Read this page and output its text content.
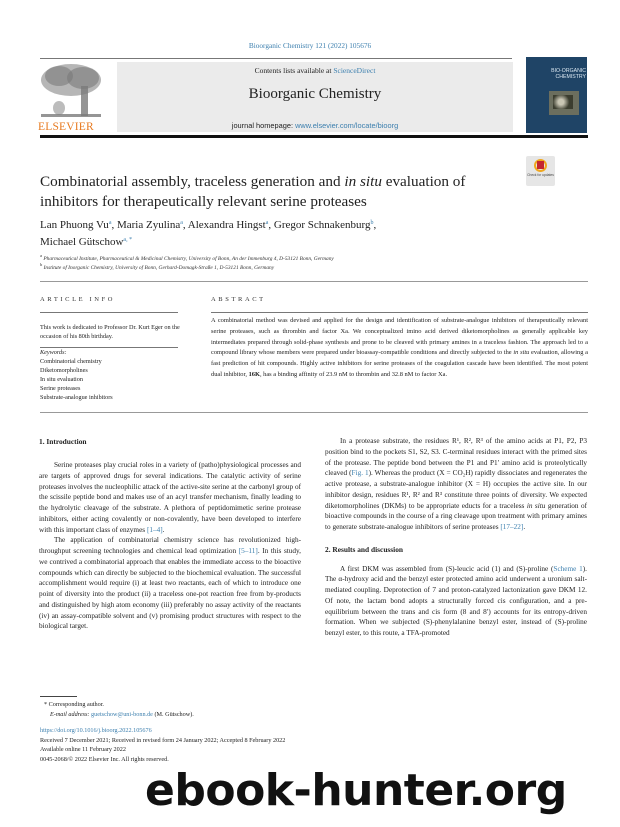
Bioorganic Chemistry 121 (2022) 105676
ELSEVIER
Contents lists available at ScienceDirect
Bioorganic Chemistry
journal homepage: www.elsevier.com/locate/bioorg
BIO-ORGANIC
CHEMISTRY
Check for updates
Combinatorial assembly, traceless generation and in situ evaluation of inhibitors for therapeutically relevant serine proteases
Lan Phuong Vu$^a$, Maria Zyulina$^a$, Alexandra Hingst$^a$, Gregor Schnakenburg$^b$,
Michael Gütschow$^{a, *}$
$^a$ Pharmaceutical Institute, Pharmaceutical & Medicinal Chemistry, University of Bonn, An der Immenburg 4, D-53121 Bonn, Germany
$^b$ Institute of Inorganic Chemistry, University of Bonn, Gerhard-Domagk-Straße 1, D-53121 Bonn, Germany
ARTICLE INFO
This work is dedicated to Professor Dr. Kurt Eger on the occasion of his 80th birthday.
Keywords:
Combinatorial chemistry
Diketomorpholines
In situ evaluation
Serine proteases
Substrate-analogue inhibitors
ABSTRACT
A combinatorial method was devised and applied for the design and identification of substrate-analogue inhibitors of therapeutically relevant serine proteases, such as thrombin and factor Xa. We conceptualized imino acid derived diketomorpholines as generally applicable key intermediates prepared through solid-phase synthesis and prone to be cleaved with primary amines in a traceless fashion. The approach led to a compound library whose members were prepared under bioassay-compatible conditions and directly subjected to the in situ evaluation, allowing a fast prediction of hit compounds. Highly active inhibitors for serine proteases of the coagulation cascade have been identified. The most potent dual inhibitor, 16K, has a binding affinity of 23.9 nM to thrombin and 32.8 nM to factor Xa.
1. Introduction

Serine proteases play crucial roles in a variety of (patho)physiological processes and are targets of approved drugs for several indications. The catalytic activity of serine proteases involves the nucleophilic attack of the active-site serine at the carbonyl group of the scissile peptide bond and makes use of an acyl transfer mechanism, finally leading to the hydrolytic cleavage of the substrate. A plethora of peptidomimetic serine protease inhibitors, either acting covalently or non-covalently, have been developed to interfere with this important class of enzymes [1–4].

The application of combinatorial chemistry science has revolutionized high-throughput screening technologies and chemical lead optimization [5–11]. In this study, we contrived a combinatorial approach that enables the immediate access to the bioactive compounds which can directly be subjected to the biochemical evaluation. The successful accomplishment would require (i) at least two reactants, each of which to introduce one point of diversity into the product (ii) a traceless one-pot reaction free from by-products and distinguished by high atom economy (iii) preferably no assay activity of the reactants (iv) an assay-compatible solvent and (v) promising product structures with respect to the biological target.

In a protease substrate, the residues R¹, R², R³ of the amino acids at P1, P2, P3 position bind to the pockets S1, S2, S3. C-terminal residues interact with the primed sites of the protease. The peptide bond between the P1 and P1′ amino acid is proteolytically cleaved (Fig. 1). Whereas the product (X = CO₂H) rapidly dissociates and regenerates the active protease, a substrate-analogue inhibitor (X = H) occupies the active site. In our inhibitor design, residues R¹, R² and R³ constitute three points of diversity. We expected diketomorpholines (DKMs) to be appropriate educts for a traceless in situ generation of bioactive compounds in the course of a ring cleavage upon treatment with primary amines to generate substrate-analogue inhibitors of serine proteases [17–22].

2. Results and discussion

A first DKM was assembled from (S)-leucic acid (1) and (S)-proline (Scheme 1). The α-hydroxy acid and the benzyl ester protected amino acid underwent a uronium salt-mediated coupling. Deprotection of 7 and proton-catalyzed lactonization gave DKM 12. Of note, the lactam bond adopts a structurally forced cis configuration, and a pre-equilibrium between the trans and cis form (8 and 8′) accounts for its entropy-driven formation. When we subjected (S)-phenylalanine benzyl ester, instead of (S)-proline benzyl ester, to this route, a TFA-promoted

* Corresponding author.
E-mail address: guetschow@uni-bonn.de (M. Gütschow).
https://doi.org/10.1016/j.bioorg.2022.105676
Received 7 December 2021; Received in revised form 24 January 2022; Accepted 8 February 2022
Available online 11 February 2022
0045-2068/© 2022 Elsevier Inc. All rights reserved.
ebook-hunter.org
